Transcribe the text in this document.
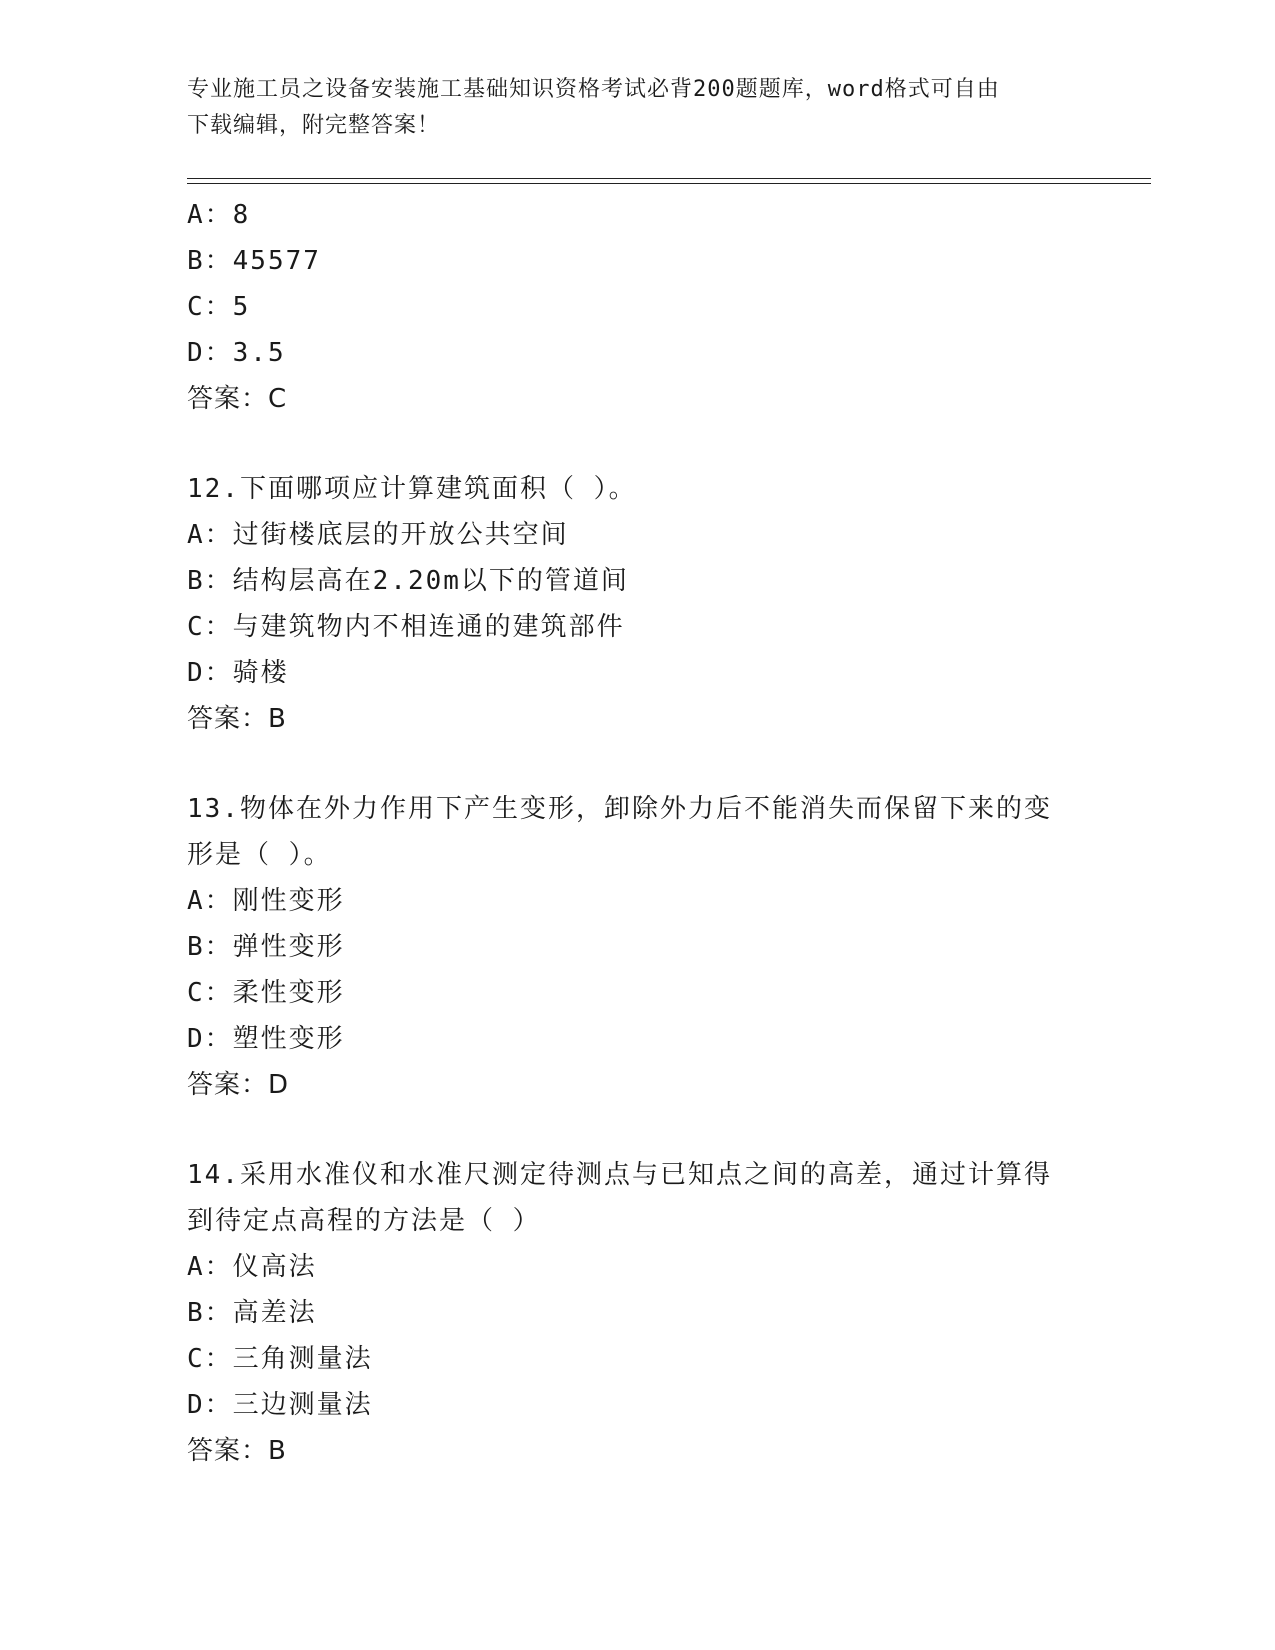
专业施工员之设备安装施工基础知识资格考试必背200题题库，word格式可自由
下载编辑，附完整答案！
A：8
B：45577
C：5
D：3.5
答案：C
12.下面哪项应计算建筑面积（ ）。
A：过街楼底层的开放公共空间
B：结构层高在2.20m以下的管道间
C：与建筑物内不相连通的建筑部件
D：骑楼
答案：B
13.物体在外力作用下产生变形，卸除外力后不能消失而保留下来的变
形是（ ）。
A：刚性变形
B：弹性变形
C：柔性变形
D：塑性变形
答案：D
14.采用水准仪和水准尺测定待测点与已知点之间的高差，通过计算得
到待定点高程的方法是（ ）
A：仪高法
B：高差法
C：三角测量法
D：三边测量法
答案：B
